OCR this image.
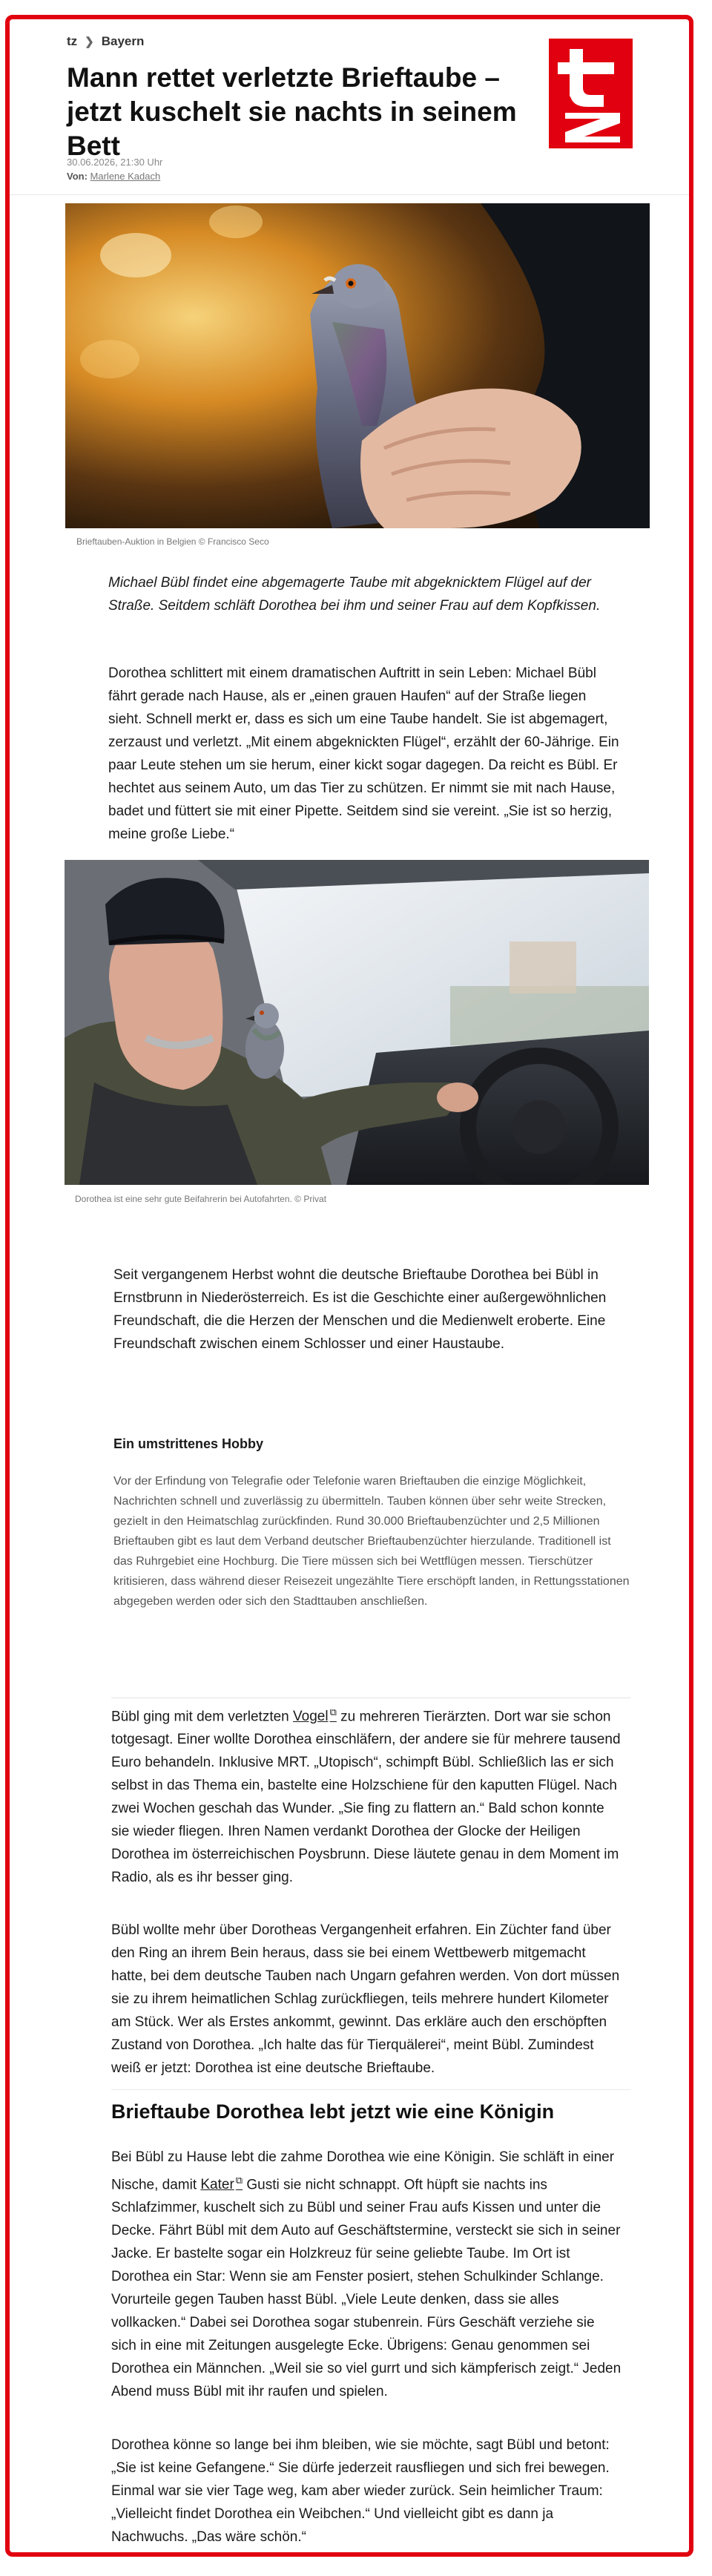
tz ❯ Bayern
Mann rettet verletzte Brieftaube – jetzt kuschelt sie nachts in seinem Bett
30.06.2026, 21:30 Uhr
Von: Marlene Kadach
Brieftauben-Auktion in Belgien © Francisco Seco

Michael Bübl findet eine abgemagerte Taube mit abgeknicktem Flügel auf der Straße. Seitdem schläft Dorothea bei ihm und seiner Frau auf dem Kopfkissen.

Dorothea schlittert mit einem dramatischen Auftritt in sein Leben: Michael Bübl fährt gerade nach Hause, als er „einen grauen Haufen“ auf der Straße liegen sieht. Schnell merkt er, dass es sich um eine Taube handelt. Sie ist abgemagert, zerzaust und verletzt. „Mit einem abgeknickten Flügel“, erzählt der 60-Jährige. Ein paar Leute stehen um sie herum, einer kickt sogar dagegen. Da reicht es Bübl. Er hechtet aus seinem Auto, um das Tier zu schützen. Er nimmt sie mit nach Hause, badet und füttert sie mit einer Pipette. Seitdem sind sie vereint. „Sie ist so herzig, meine große Liebe.“

Dorothea ist eine sehr gute Beifahrerin bei Autofahrten. © Privat

Seit vergangenem Herbst wohnt die deutsche Brieftaube Dorothea bei Bübl in Ernstbrunn in Niederösterreich. Es ist die Geschichte einer außergewöhnlichen Freundschaft, die die Herzen der Menschen und die Medienwelt eroberte. Eine Freundschaft zwischen einem Schlosser und einer Haustaube.

Ein umstrittenes Hobby

Vor der Erfindung von Telegrafie oder Telefonie waren Brieftauben die einzige Möglichkeit, Nachrichten schnell und zuverlässig zu übermitteln. Tauben können über sehr weite Strecken, gezielt in den Heimatschlag zurückfinden. Rund 30.000 Brieftaubenzüchter und 2,5 Millionen Brieftauben gibt es laut dem Verband deutscher Brieftaubenzüchter hierzulande. Traditionell ist das Ruhrgebiet eine Hochburg. Die Tiere müssen sich bei Wettflügen messen. Tierschützer kritisieren, dass während dieser Reisezeit ungezählte Tiere erschöpft landen, in Rettungsstationen abgegeben werden oder sich den Stadttauben anschließen.

Bübl ging mit dem verletzten Vogel ⧉ zu mehreren Tierärzten. Dort war sie schon totgesagt. Einer wollte Dorothea einschläfern, der andere sie für mehrere tausend Euro behandeln. Inklusive MRT. „Utopisch“, schimpft Bübl. Schließlich las er sich selbst in das Thema ein, bastelte eine Holzschiene für den kaputten Flügel. Nach zwei Wochen geschah das Wunder. „Sie fing zu flattern an.“ Bald schon konnte sie wieder fliegen. Ihren Namen verdankt Dorothea der Glocke der Heiligen Dorothea im österreichischen Poysbrunn. Diese läutete genau in dem Moment im Radio, als es ihr besser ging.

Bübl wollte mehr über Dorotheas Vergangenheit erfahren. Ein Züchter fand über den Ring an ihrem Bein heraus, dass sie bei einem Wettbewerb mitgemacht hatte, bei dem deutsche Tauben nach Ungarn gefahren werden. Von dort müssen sie zu ihrem heimatlichen Schlag zurückfliegen, teils mehrere hundert Kilometer am Stück. Wer als Erstes ankommt, gewinnt. Das erkläre auch den erschöpften Zustand von Dorothea. „Ich halte das für Tierquälerei“, meint Bübl. Zumindest weiß er jetzt: Dorothea ist eine deutsche Brieftaube.

Brieftaube Dorothea lebt jetzt wie eine Königin

Bei Bübl zu Hause lebt die zahme Dorothea wie eine Königin. Sie schläft in einer Nische, damit Kater ⧉ Gusti sie nicht schnappt. Oft hüpft sie nachts ins Schlafzimmer, kuschelt sich zu Bübl und seiner Frau aufs Kissen und unter die Decke. Fährt Bübl mit dem Auto auf Geschäftstermine, versteckt sie sich in seiner Jacke. Er bastelte sogar ein Holzkreuz für seine geliebte Taube. Im Ort ist Dorothea ein Star: Wenn sie am Fenster posiert, stehen Schulkinder Schlange. Vorurteile gegen Tauben hasst Bübl. „Viele Leute denken, dass sie alles vollkacken.“ Dabei sei Dorothea sogar stubenrein. Fürs Geschäft verziehe sie sich in eine mit Zeitungen ausgelegte Ecke. Übrigens: Genau genommen sei Dorothea ein Männchen. „Weil sie so viel gurrt und sich kämpferisch zeigt.“ Jeden Abend muss Bübl mit ihr raufen und spielen.

Dorothea könne so lange bei ihm bleiben, wie sie möchte, sagt Bübl und betont: „Sie ist keine Gefangene.“ Sie dürfe jederzeit rausfliegen und sich frei bewegen. Einmal war sie vier Tage weg, kam aber wieder zurück. Sein heimlicher Traum: „Vielleicht findet Dorothea ein Weibchen.“ Und vielleicht gibt es dann ja Nachwuchs. „Das wäre schön.“
